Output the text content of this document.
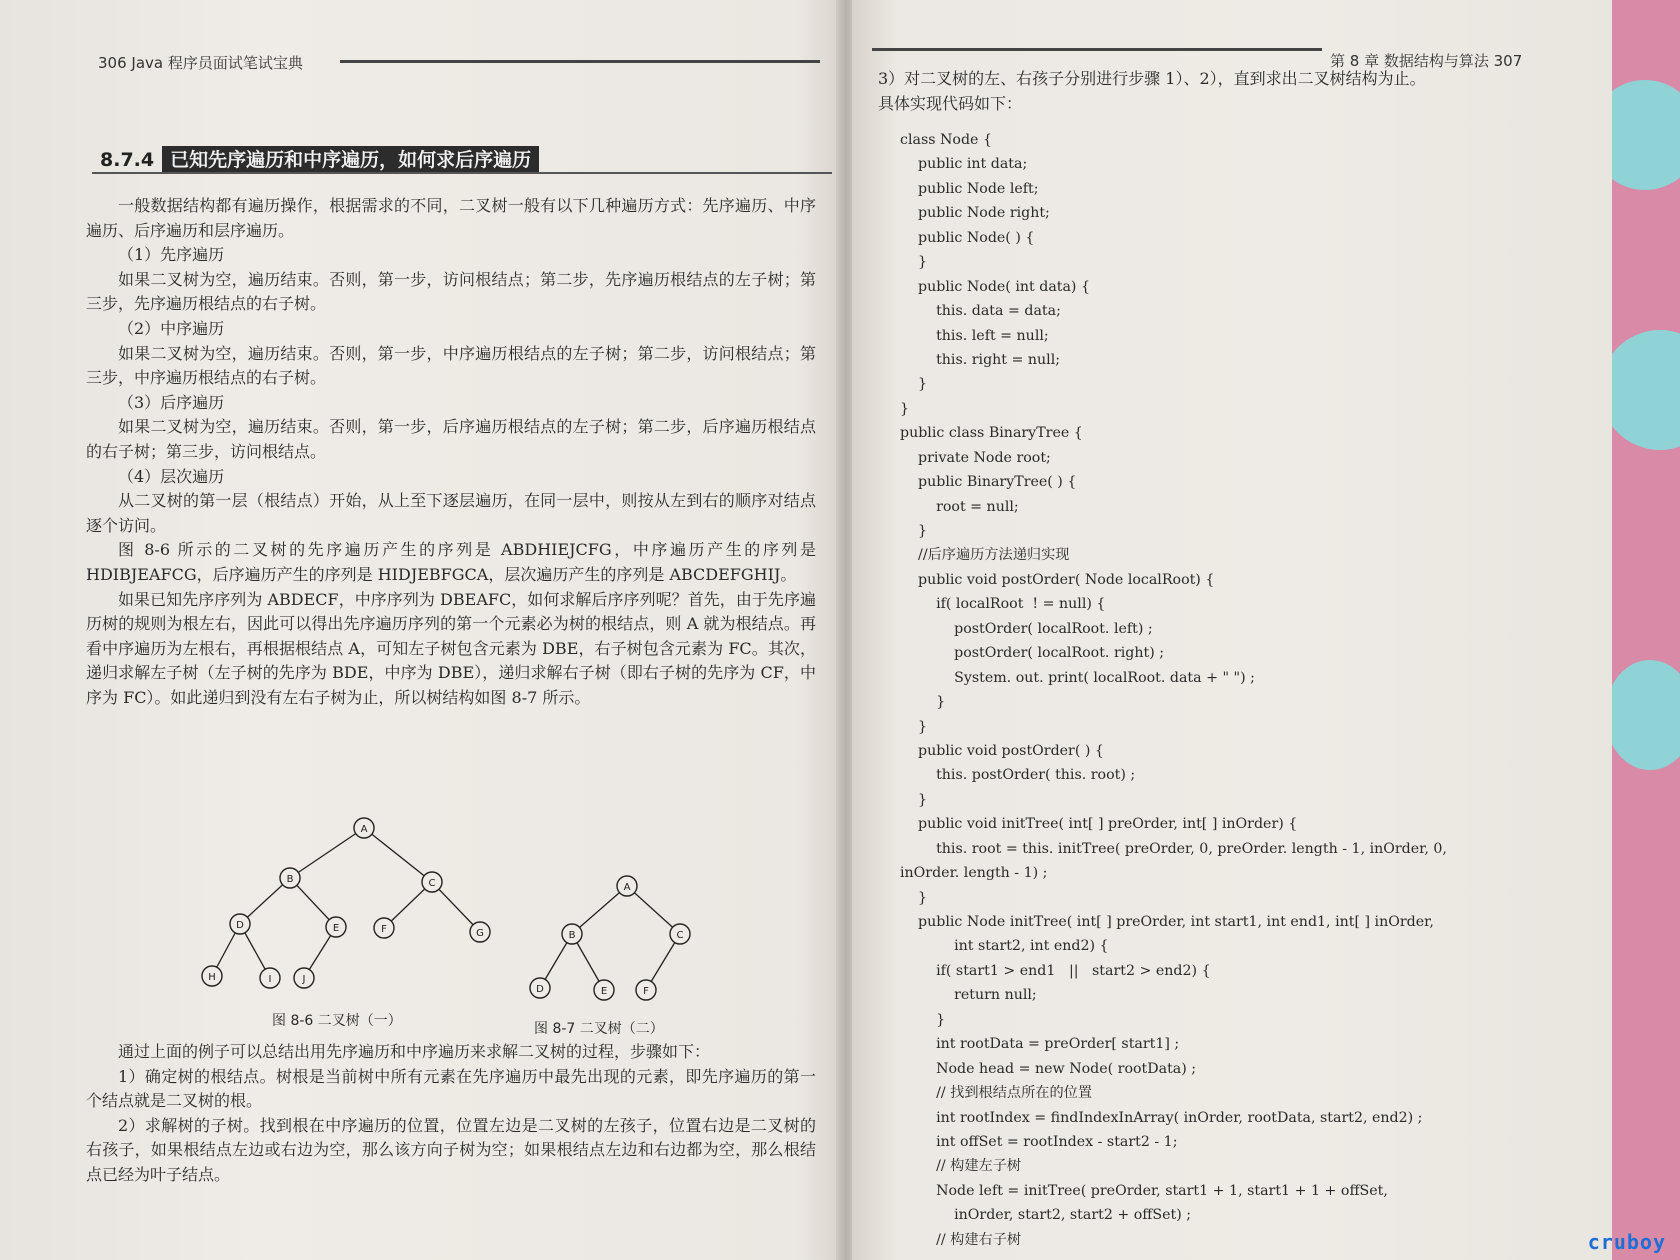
306 Java 程序员面试笔试宝典
8.7.4 已知先序遍历和中序遍历，如何求后序遍历

一般数据结构都有遍历操作，根据需求的不同，二叉树一般有以下几种遍历方式：先序遍历、中序遍历、后序遍历和层序遍历。

（1）先序遍历

如果二叉树为空，遍历结束。否则，第一步，访问根结点；第二步，先序遍历根结点的左子树；第三步，先序遍历根结点的右子树。

（2）中序遍历

如果二叉树为空，遍历结束。否则，第一步，中序遍历根结点的左子树；第二步，访问根结点；第三步，中序遍历根结点的右子树。

（3）后序遍历

如果二叉树为空，遍历结束。否则，第一步，后序遍历根结点的左子树；第二步，后序遍历根结点的右子树；第三步，访问根结点。

（4）层次遍历

从二叉树的第一层（根结点）开始，从上至下逐层遍历，在同一层中，则按从左到右的顺序对结点逐个访问。

图 8-6 所示的二叉树的先序遍历产生的序列是 ABDHIEJCFG，中序遍历产生的序列是 HDIBJEAFCG，后序遍历产生的序列是 HIDJEBFGCA，层次遍历产生的序列是 ABCDEFGHIJ。

如果已知先序序列为 ABDECF，中序序列为 DBEAFC，如何求解后序序列呢？首先，由于先序遍历树的规则为根左右，因此可以得出先序遍历序列的第一个元素必为树的根结点，则 A 就为根结点。再看中序遍历为左根右，再根据根结点 A，可知左子树包含元素为 DBE，右子树包含元素为 FC。其次，递归求解左子树（左子树的先序为 BDE，中序为 DBE），递归求解右子树（即右子树的先序为 CF，中序为 FC）。如此递归到没有左右子树为止，所以树结构如图 8-7 所示。

A
B	C
D	E	F	G
H	I	J
图 8-6 二叉树（一）
A
B	C
D	E	F
图 8-7 二叉树（二）

通过上面的例子可以总结出用先序遍历和中序遍历来求解二叉树的过程，步骤如下：

1）确定树的根结点。树根是当前树中所有元素在先序遍历中最先出现的元素，即先序遍历的第一个结点就是二叉树的根。

2）求解树的子树。找到根在中序遍历的位置，位置左边是二叉树的左孩子，位置右边是二叉树的右孩子，如果根结点左边或右边为空，那么该方向子树为空；如果根结点左边和右边都为空，那么根结点已经为叶子结点。

第 8 章 数据结构与算法 307
3）对二叉树的左、右孩子分别进行步骤 1）、2），直到求出二叉树结构为止。
具体实现代码如下：
class Node {
public int data;
public Node left;
public Node right;
public Node( ) {
}
public Node( int data) {
this. data = data;
this. left = null;
this. right = null;
}
}
public class BinaryTree {
private Node root;
public BinaryTree( ) {
root = null;
}
//后序遍历方法递归实现
public void postOrder( Node localRoot) {
if( localRoot  ! = null) {
postOrder( localRoot. left) ;
postOrder( localRoot. right) ;
System. out. print( localRoot. data + " ") ;
}
}
public void postOrder( ) {
this. postOrder( this. root) ;
}
public void initTree( int[ ] preOrder, int[ ] inOrder) {
this. root = this. initTree( preOrder, 0, preOrder. length - 1, inOrder, 0,
inOrder. length - 1) ;
}
public Node initTree( int[ ] preOrder, int start1, int end1, int[ ] inOrder,
int start2, int end2) {
if( start1 > end1   ||   start2 > end2) {
return null;
}
int rootData = preOrder[ start1] ;
Node head = new Node( rootData) ;
// 找到根结点所在的位置
int rootIndex = findIndexInArray( inOrder, rootData, start2, end2) ;
int offSet = rootIndex - start2 - 1;
// 构建左子树
Node left = initTree( preOrder, start1 + 1, start1 + 1 + offSet,
inOrder, start2, start2 + offSet) ;
// 构建右子树	cruboy
